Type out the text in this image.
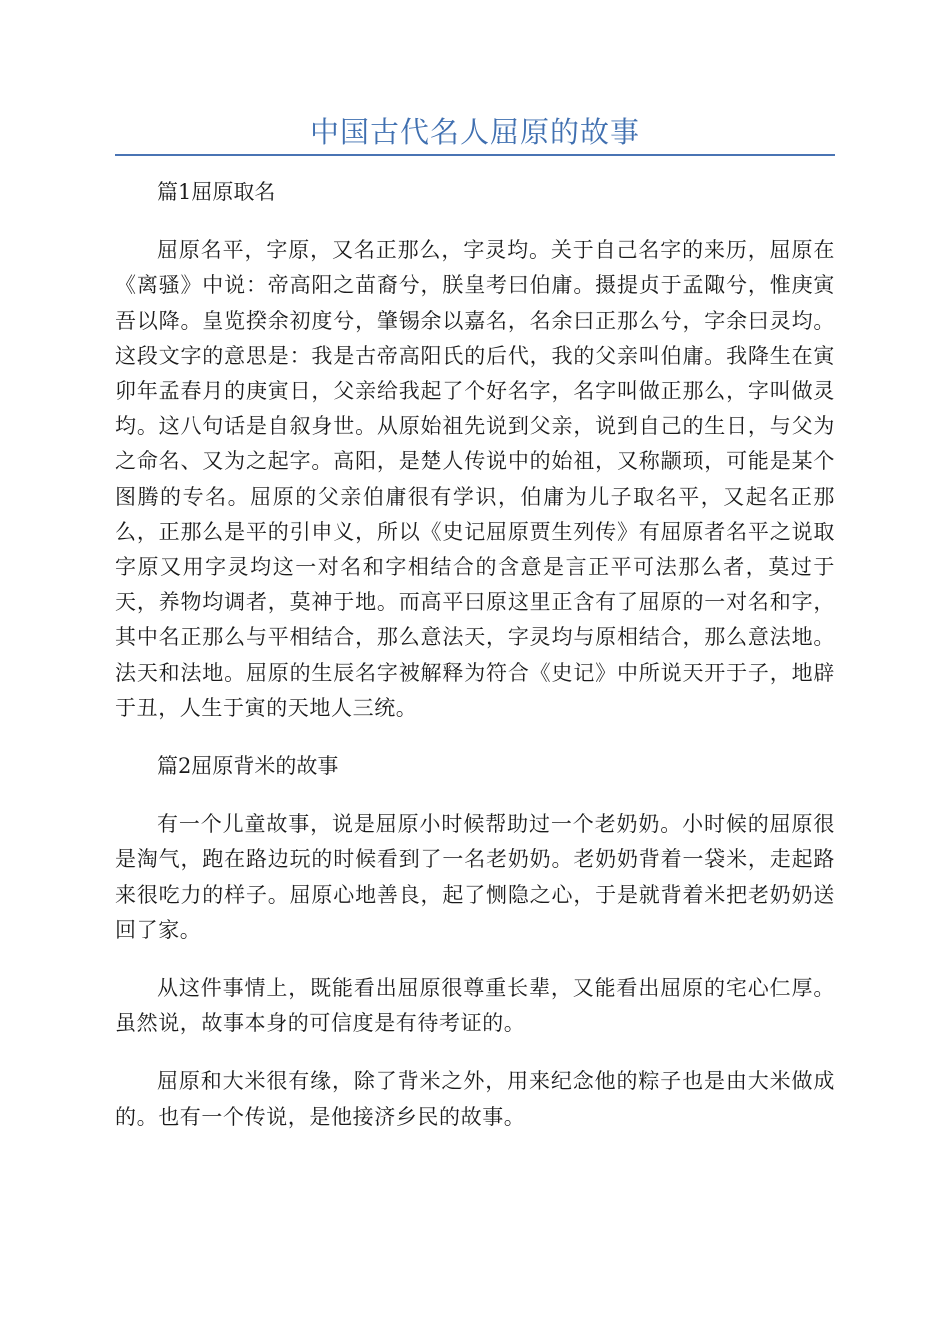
中国古代名人屈原的故事

篇1屈原取名

屈原名平，字原，又名正那么，字灵均。关于自己名字的来历，屈原在《离骚》中说：帝高阳之苗裔兮，朕皇考曰伯庸。摄提贞于孟陬兮，惟庚寅吾以降。皇览揆余初度兮，肇锡余以嘉名，名余曰正那么兮，字余曰灵均。这段文字的意思是：我是古帝高阳氏的后代，我的父亲叫伯庸。我降生在寅卯年孟春月的庚寅日，父亲给我起了个好名字，名字叫做正那么，字叫做灵均。这八句话是自叙身世。从原始祖先说到父亲，说到自己的生日，与父为之命名、又为之起字。高阳，是楚人传说中的始祖，又称颛顼，可能是某个图腾的专名。屈原的父亲伯庸很有学识，伯庸为儿子取名平，又起名正那么，正那么是平的引申义，所以《史记屈原贾生列传》有屈原者名平之说取字原又用字灵均这一对名和字相结合的含意是言正平可法那么者，莫过于天，养物均调者，莫神于地。而高平曰原这里正含有了屈原的一对名和字，其中名正那么与平相结合，那么意法天，字灵均与原相结合，那么意法地。法天和法地。屈原的生辰名字被解释为符合《史记》中所说天开于子，地辟于丑，人生于寅的天地人三统。

篇2屈原背米的故事

有一个儿童故事，说是屈原小时候帮助过一个老奶奶。小时候的屈原很是淘气，跑在路边玩的时候看到了一名老奶奶。老奶奶背着一袋米，走起路来很吃力的样子。屈原心地善良，起了恻隐之心，于是就背着米把老奶奶送回了家。

从这件事情上，既能看出屈原很尊重长辈，又能看出屈原的宅心仁厚。虽然说，故事本身的可信度是有待考证的。

屈原和大米很有缘，除了背米之外，用来纪念他的粽子也是由大米做成的。也有一个传说，是他接济乡民的故事。
